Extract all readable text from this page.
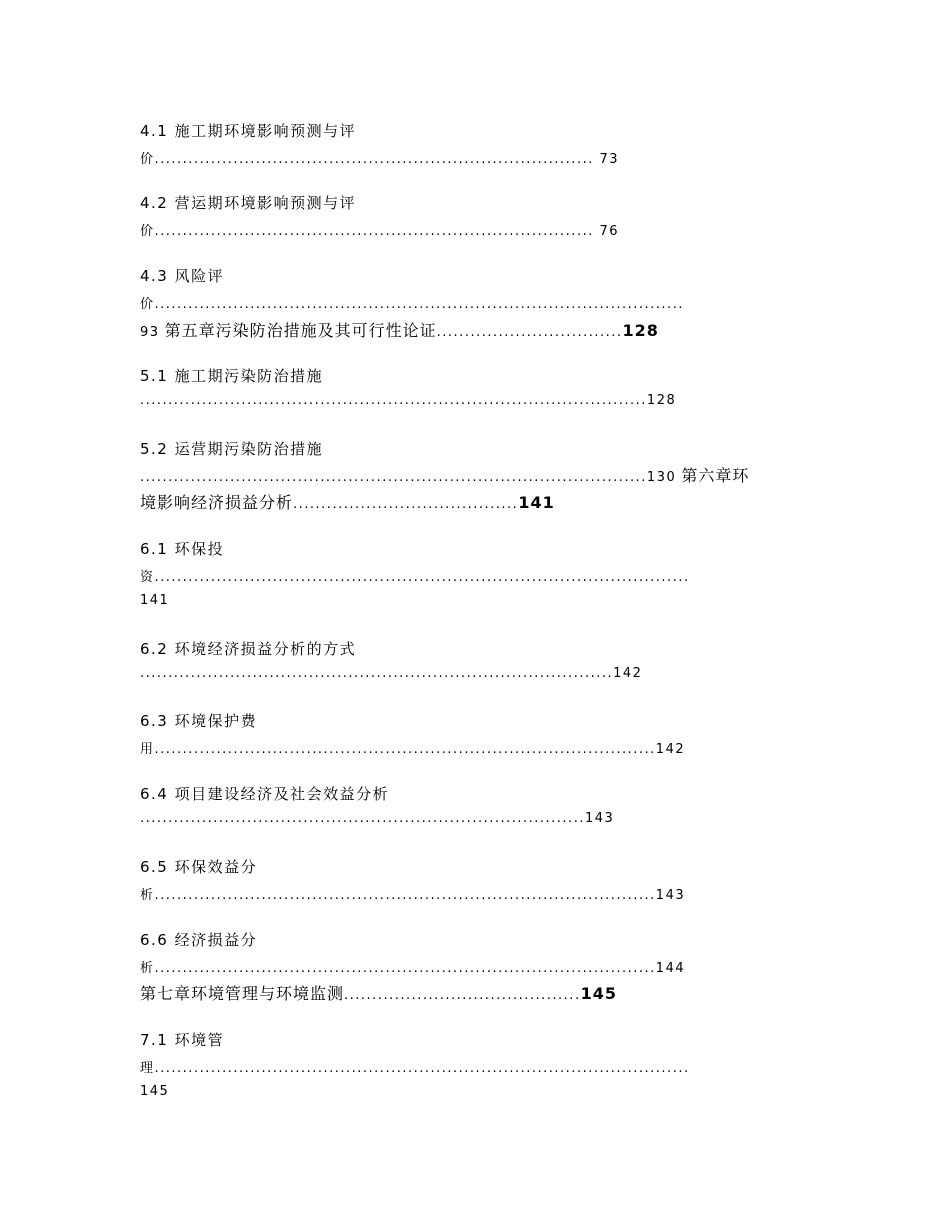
4.1 施工期环境影响预测与评
价.............................................................................. 73
4.2 营运期环境影响预测与评
价.............................................................................. 76
4.3 风险评
价..............................................................................................
93 第五章污染防治措施及其可行性论证.................................128
5.1 施工期污染防治措施
..........................................................................................128
5.2 运营期污染防治措施
..........................................................................................130 第六章环
境影响经济损益分析........................................141
6.1 环保投
资...............................................................................................
141
6.2 环境经济损益分析的方式
....................................................................................142
6.3 环境保护费
用.........................................................................................142
6.4 项目建设经济及社会效益分析
...............................................................................143
6.5 环保效益分
析.........................................................................................143
6.6 经济损益分
析.........................................................................................144
第七章环境管理与环境监测..........................................145
7.1 环境管
理...............................................................................................
145
